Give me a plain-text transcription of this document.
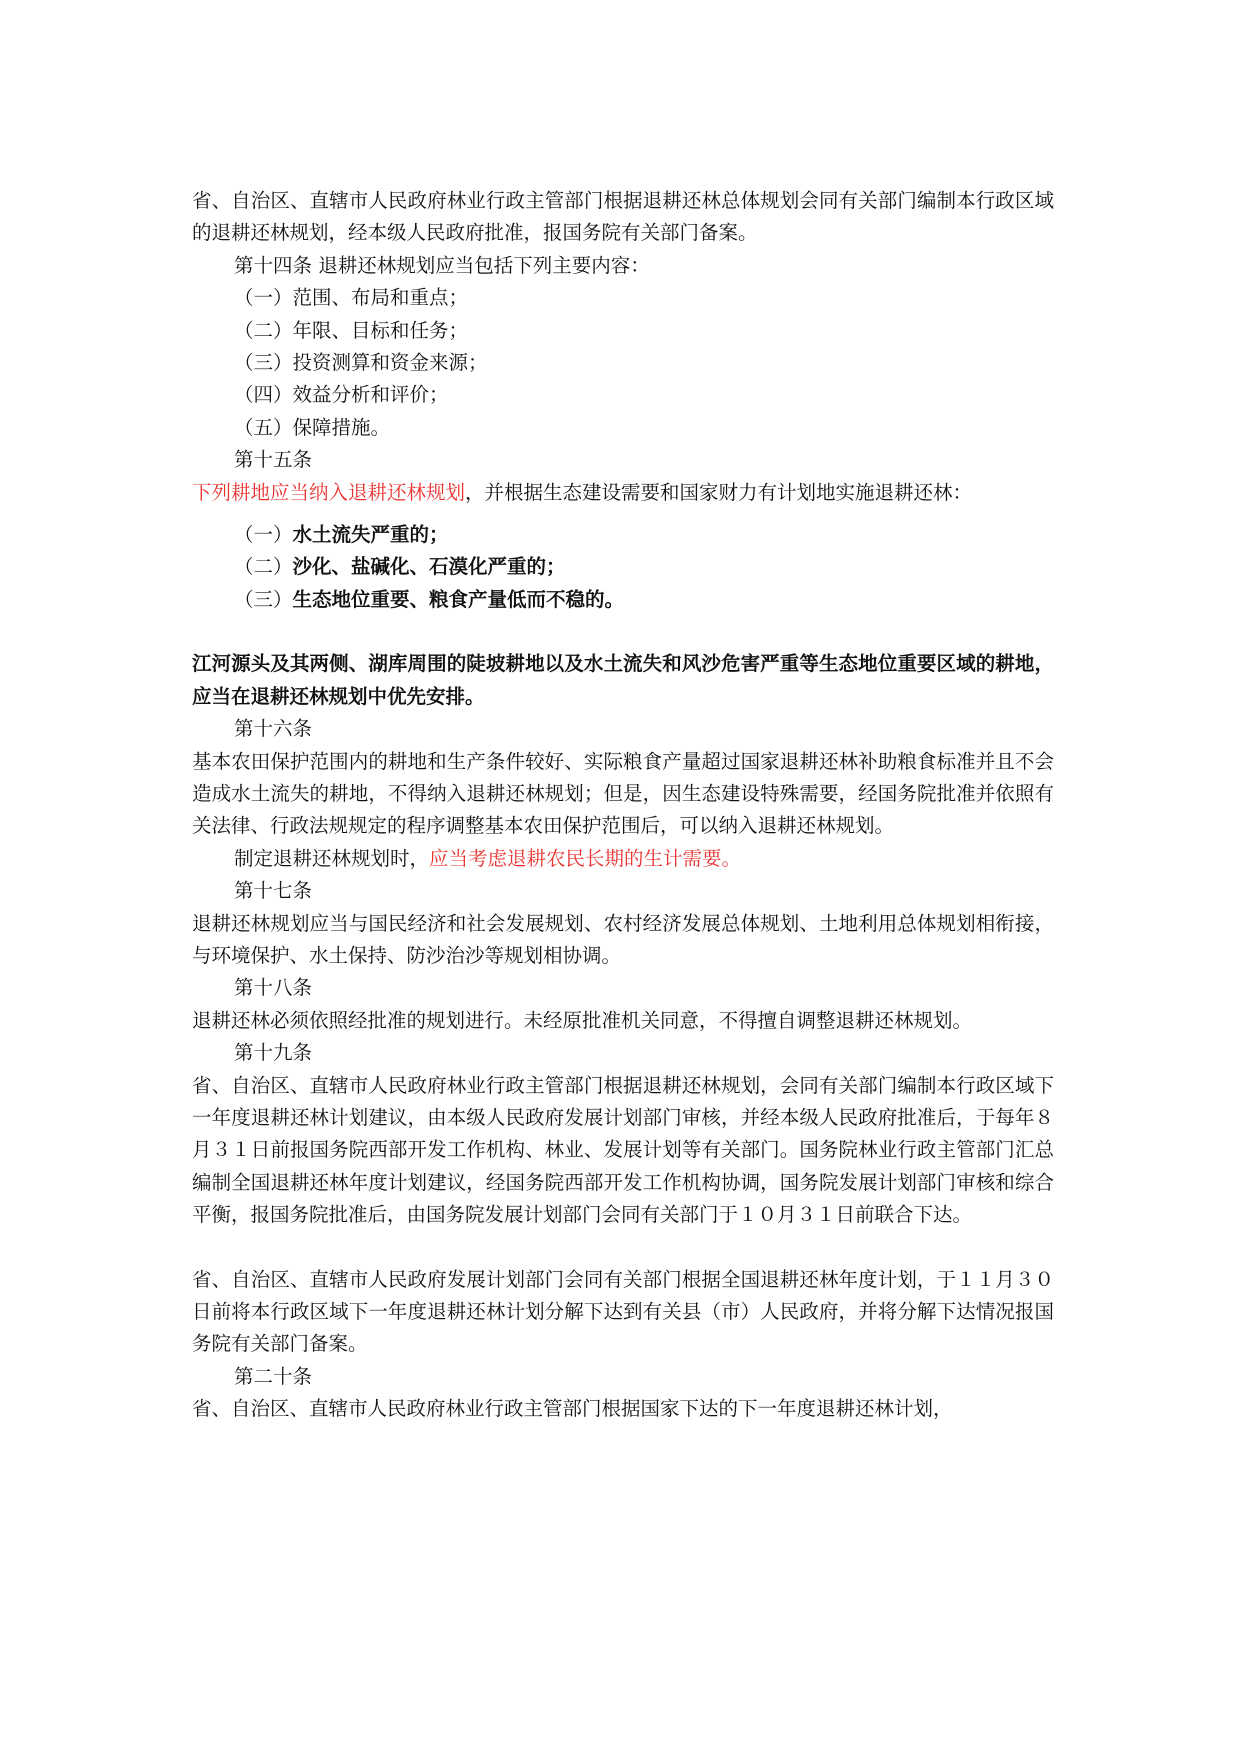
省、自治区、直辖市人民政府林业行政主管部门根据退耕还林总体规划会同有关部门编制本行政区域的退耕还林规划，经本级人民政府批准，报国务院有关部门备案。

第十四条 退耕还林规划应当包括下列主要内容：

（一）范围、布局和重点；

（二）年限、目标和任务；

（三）投资测算和资金来源；

（四）效益分析和评价；

（五）保障措施。

第十五条

下列耕地应当纳入退耕还林规划，并根据生态建设需要和国家财力有计划地实施退耕还林：

（一）水土流失严重的；

（二）沙化、盐碱化、石漠化严重的；

（三）生态地位重要、粮食产量低而不稳的。

江河源头及其两侧、湖库周围的陡坡耕地以及水土流失和风沙危害严重等生态地位重要区域的耕地，应当在退耕还林规划中优先安排。

第十六条

基本农田保护范围内的耕地和生产条件较好、实际粮食产量超过国家退耕还林补助粮食标准并且不会造成水土流失的耕地，不得纳入退耕还林规划；但是，因生态建设特殊需要，经国务院批准并依照有关法律、行政法规规定的程序调整基本农田保护范围后，可以纳入退耕还林规划。

制定退耕还林规划时，应当考虑退耕农民长期的生计需要。

第十七条

退耕还林规划应当与国民经济和社会发展规划、农村经济发展总体规划、土地利用总体规划相衔接，与环境保护、水土保持、防沙治沙等规划相协调。

第十八条

退耕还林必须依照经批准的规划进行。未经原批准机关同意，不得擅自调整退耕还林规划。

第十九条

省、自治区、直辖市人民政府林业行政主管部门根据退耕还林规划，会同有关部门编制本行政区域下一年度退耕还林计划建议，由本级人民政府发展计划部门审核，并经本级人民政府批准后，于每年８月３１日前报国务院西部开发工作机构、林业、发展计划等有关部门。国务院林业行政主管部门汇总编制全国退耕还林年度计划建议，经国务院西部开发工作机构协调，国务院发展计划部门审核和综合平衡，报国务院批准后，由国务院发展计划部门会同有关部门于１０月３１日前联合下达。

省、自治区、直辖市人民政府发展计划部门会同有关部门根据全国退耕还林年度计划，于１１月３０日前将本行政区域下一年度退耕还林计划分解下达到有关县（市）人民政府，并将分解下达情况报国务院有关部门备案。

第二十条

省、自治区、直辖市人民政府林业行政主管部门根据国家下达的下一年度退耕还林计划，
